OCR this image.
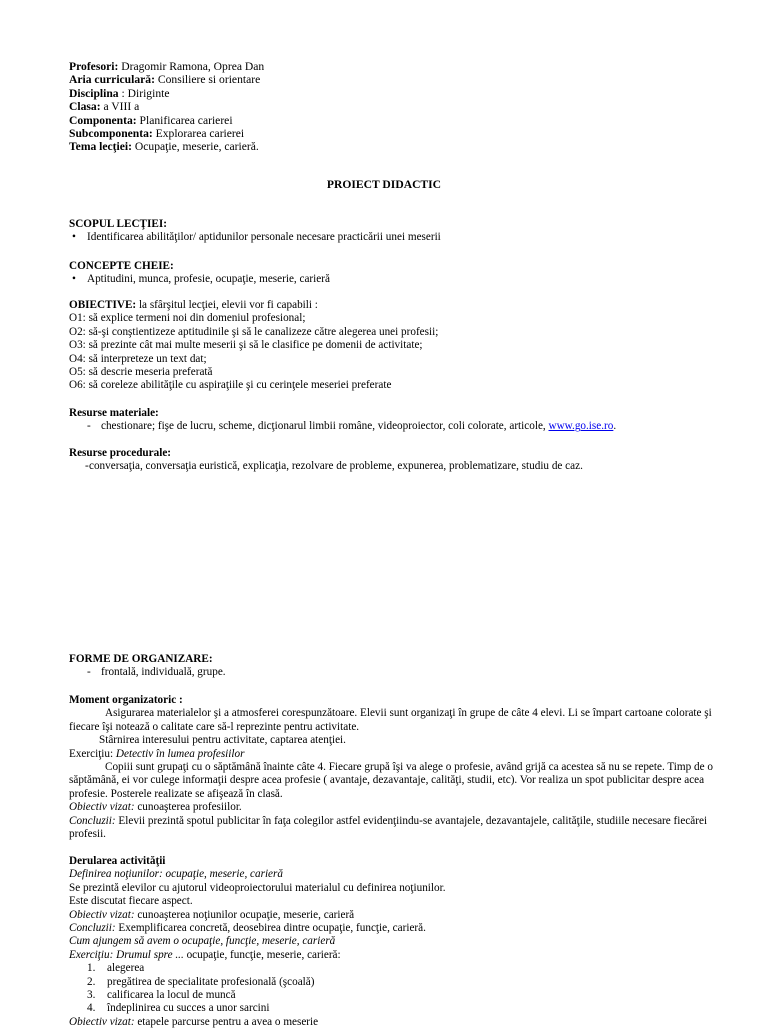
Profesori: Dragomir Ramona, Oprea Dan
Aria curriculară: Consiliere si orientare
Disciplina : Diriginte
Clasa: a VIII a
Componenta: Planificarea carierei
Subcomponenta: Explorarea carierei
Tema lecţiei: Ocupaţie, meserie, carieră.
PROIECT DIDACTIC
SCOPUL LECŢIEI:
• Identificarea abilităţilor/ aptidunilor personale necesare practicării unei meserii
CONCEPTE CHEIE:
• Aptitudini, munca, profesie, ocupaţie, meserie, carieră
OBIECTIVE: la sfârşitul lecţiei, elevii vor fi capabili :
O1: să explice termeni noi din domeniul profesional;
O2: să-şi conştientizeze aptitudinile şi să le canalizeze către alegerea unei profesii;
O3: să prezinte cât mai multe meserii şi să le clasifice pe domenii de activitate;
O4: să interpreteze un text dat;
O5: să descrie meseria preferată
O6: să coreleze abilităţile cu aspiraţiile şi cu cerinţele meseriei preferate
Resurse materiale:
- chestionare; fişe de lucru, scheme, dicţionarul limbii române, videoproiector, coli colorate, articole, www.go.ise.ro.
Resurse procedurale:
- conversaţia, conversaţia euristică, explicaţia, rezolvare de probleme, expunerea, problematizare, studiu de caz.
FORME DE ORGANIZARE:
- frontală, individuală, grupe.
Moment organizatoric :
Asigurarea materialelor şi a atmosferei corespunzătoare. Elevii sunt organizaţi în grupe de câte 4 elevi. Li se împart cartoane colorate şi fiecare îşi notează o calitate care să-l reprezinte pentru activitate.
Stârnirea interesului pentru activitate, captarea atenţiei.
Exerciţiu: Detectiv în lumea profesiilor
Copiii sunt grupaţi cu o săptămână înainte câte 4. Fiecare grupă îşi va alege o profesie, având grijă ca acestea să nu se repete. Timp de o săptămână, ei vor culege informaţii despre acea profesie ( avantaje, dezavantaje, calităţi, studii, etc). Vor realiza un spot publicitar despre acea profesie. Posterele realizate se afişează în clasă.
Obiectiv vizat: cunoaşterea profesiilor.
Concluzii: Elevii prezintă spotul publicitar în faţa colegilor astfel evidenţiindu-se avantajele, dezavantajele, calităţile, studiile necesare fiecărei profesii.
Derularea activităţii
Definirea noţiunilor: ocupaţie, meserie, carieră
Se prezintă elevilor cu ajutorul videoproiectorului materialul cu definirea noţiunilor.
Este discutat fiecare aspect.
Obiectiv vizat: cunoaşterea noţiunilor ocupaţie, meserie, carieră
Concluzii: Exemplificarea concretă, deosebirea dintre ocupaţie, funcţie, carieră.
Cum ajungem să avem o ocupaţie, funcţie, meserie, carieră
Exerciţiu: Drumul spre ... ocupaţie, funcţie, meserie, carieră:
1. alegerea
2. pregătirea de specialitate profesională (şcoală)
3. calificarea la locul de muncă
4. îndeplinirea cu succes a unor sarcini
Obiectiv vizat: etapele parcurse pentru a avea o meserie
